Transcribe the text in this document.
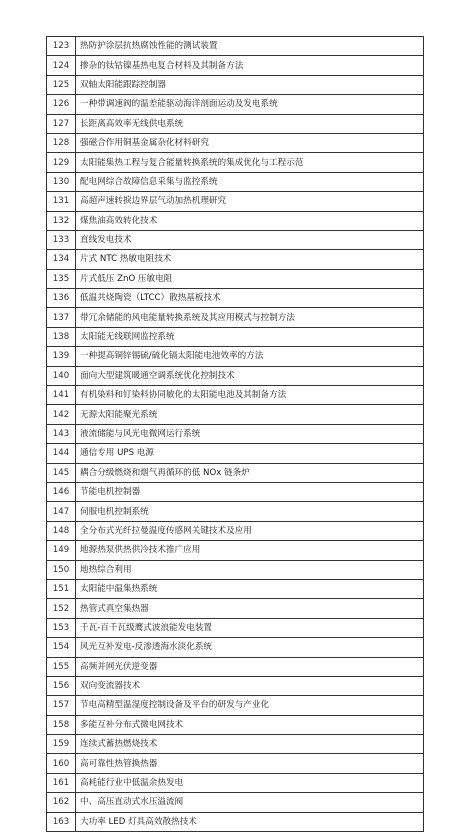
123	热防护涂层抗热腐蚀性能的测试装置
124	掺杂的钛钴镍基热电复合材料及其制备方法
125	双轴太阳能跟踪控制器
126	一种带调速阀的温差能驱动海洋剖面运动及发电系统
127	长距离高效率无线供电系统
128	强磁合作用铜基金属杂化材料研究
129	太阳能集热工程与复合能量转换系统的集成优化与工程示范
130	配电网综合故障信息采集与监控系统
131	高超声速转捩边界层气动加热机理研究
132	煤焦油高效转化技术
133	直线发电技术
134	片式 NTC 热敏电阻技术
135	片式低压 ZnO 压敏电阻
136	低温共烧陶瓷（LTCC）散热基板技术
137	带冗余储能的风电能量转换系统及其应用模式与控制方法
138	太阳能无线联网监控系统
139	一种提高铜锌锡硫/硫化镉太阳能电池效率的方法
140	面向大型建筑暖通空调系统优化控制技术
141	有机染料和钉染料协同敏化的太阳能电池及其制备方法
142	无源太阳能聚光系统
143	液流储能与风光电微网运行系统
144	通信专用 UPS 电源
145	耦合分级燃烧和烟气再循环的低 NOx 链条炉
146	节能电机控制器
147	伺服电机控制系统
148	全分布式光纤拉曼温度传感网关键技术及应用
149	地源热泵供热供冷技术推广应用
150	地热综合利用
151	太阳能中温集热系统
152	热管式真空集热器
153	千瓦-百千瓦级鹰式波浪能发电装置
154	风光互补发电-反渗透海水淡化系统
155	高频并网光伏逆变器
156	双向变流器技术
157	节电高精型温湿度控制设备及平台的研发与产业化
158	多能互补分布式微电网技术
159	连续式蓄热燃烧技术
160	高可靠性热管换热器
161	高耗能行业中低温余热发电
162	中、高压直动式水压溢流阀
163	大功率 LED 灯具高效散热技术
